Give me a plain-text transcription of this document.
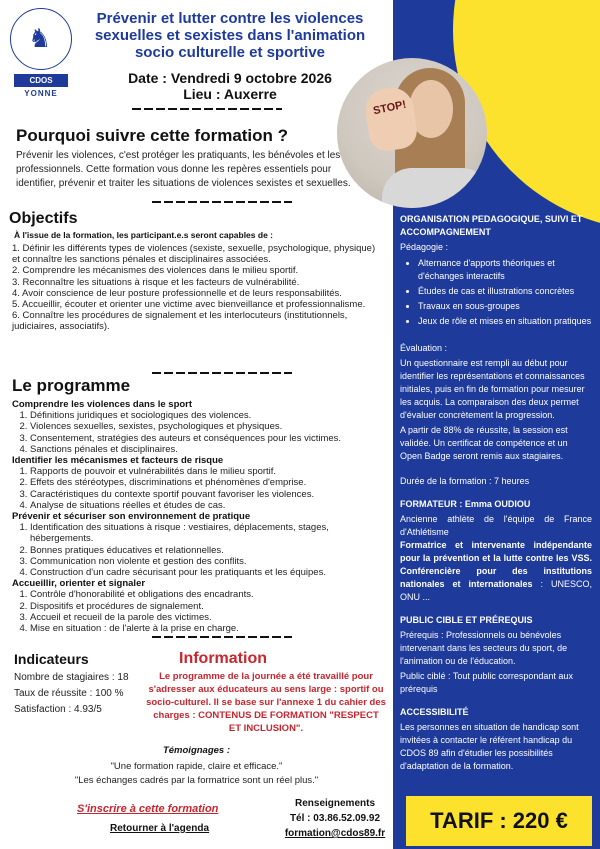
STOP!
♞
CDOS
YONNE
Prévenir et lutter contre les violences sexuelles et sexistes dans l'animation socio culturelle et sportive
Date : Vendredi 9 octobre 2026
Lieu : Auxerre
Pourquoi suivre cette formation ?
Prévenir les violences, c'est protéger les pratiquants, les bénévoles et les professionnels. Cette formation vous donne les repères essentiels pour identifier, prévenir et traiter les situations de violences sexistes et sexuelles.
Objectifs
À l'issue de la formation, les participant.e.s seront capables de :
1. Définir les différents types de violences (sexiste, sexuelle, psychologique, physique) et connaître les sanctions pénales et disciplinaires associées.
2. Comprendre les mécanismes des violences dans le milieu sportif.
3. Reconnaître les situations à risque et les facteurs de vulnérabilité.
4. Avoir conscience de leur posture professionnelle et de leurs responsabilités.
5. Accueillir, écouter et orienter une victime avec bienveillance et professionnalisme.
6. Connaître les procédures de signalement et les interlocuteurs (institutionnels, judiciaires, associatifs).
Le programme
Comprendre les violences dans le sport
1. Définitions juridiques et sociologiques des violences.
2. Violences sexuelles, sexistes, psychologiques et physiques.
3. Consentement, stratégies des auteurs et conséquences pour les victimes.
4. Sanctions pénales et disciplinaires.
Identifier les mécanismes et facteurs de risque
1. Rapports de pouvoir et vulnérabilités dans le milieu sportif.
2. Effets des stéréotypes, discriminations et phénomènes d'emprise.
3. Caractéristiques du contexte sportif pouvant favoriser les violences.
4. Analyse de situations réelles et études de cas.
Prévenir et sécuriser son environnement de pratique
1. Identification des situations à risque : vestiaires, déplacements, stages, hébergements.
2. Bonnes pratiques éducatives et relationnelles.
3. Communication non violente et gestion des conflits.
4. Construction d'un cadre sécurisant pour les pratiquants et les équipes.
Accueillir, orienter et signaler
1. Contrôle d'honorabilité et obligations des encadrants.
2. Dispositifs et procédures de signalement.
3. Accueil et recueil de la parole des victimes.
4. Mise en situation : de l'alerte à la prise en charge.
Indicateurs
Nombre de stagiaires : 18
Taux de réussite : 100 %
Satisfaction : 4.93/5
Information
Le programme de la journée a été travaillé pour s'adresser aux éducateurs au sens large : sportif ou socio-culturel. Il se base sur l'annexe 1 du cahier des charges : CONTENUS DE FORMATION "RESPECT ET INCLUSION".
Témoignages :
"Une formation rapide, claire et efficace."
"Les échanges cadrés par la formatrice sont un réel plus."
S'inscrire à cette formation
Retourner à l'agenda
Renseignements
Tél : 03.86.52.09.92
formation@cdos89.fr
ORGANISATION PEDAGOGIQUE, SUIVI ET ACCOMPAGNEMENT
Pédagogie :
• Alternance d'apports théoriques et d'échanges interactifs
• Études de cas et illustrations concrètes
• Travaux en sous-groupes
• Jeux de rôle et mises en situation pratiques
Évaluation :
Un questionnaire est rempli au début pour identifier les représentations et connaissances initiales, puis en fin de formation pour mesurer les acquis. La comparaison des deux permet d'évaluer concrètement la progression.
A partir de 88% de réussite, la session est validée. Un certificat de compétence et un Open Badge seront remis aux stagiaires.
Durée de la formation : 7 heures
FORMATEUR : Emma OUDIOU
Ancienne athlète de l'équipe de France d'Athlétisme
Formatrice et intervenante indépendante pour la prévention et la lutte contre les VSS. Conférencière pour des institutions nationales et internationales : UNESCO, ONU ...
PUBLIC CIBLE ET PRÉREQUIS
Prérequis : Professionnels ou bénévoles intervenant dans les secteurs du sport, de l'animation ou de l'éducation.
Public ciblé : Tout public correspondant aux prérequis
ACCESSIBILITÉ
Les personnes en situation de handicap sont invitées à contacter le référent handicap du CDOS 89 afin d'étudier les possibilités d'adaptation de la formation.
TARIF : 220 €
